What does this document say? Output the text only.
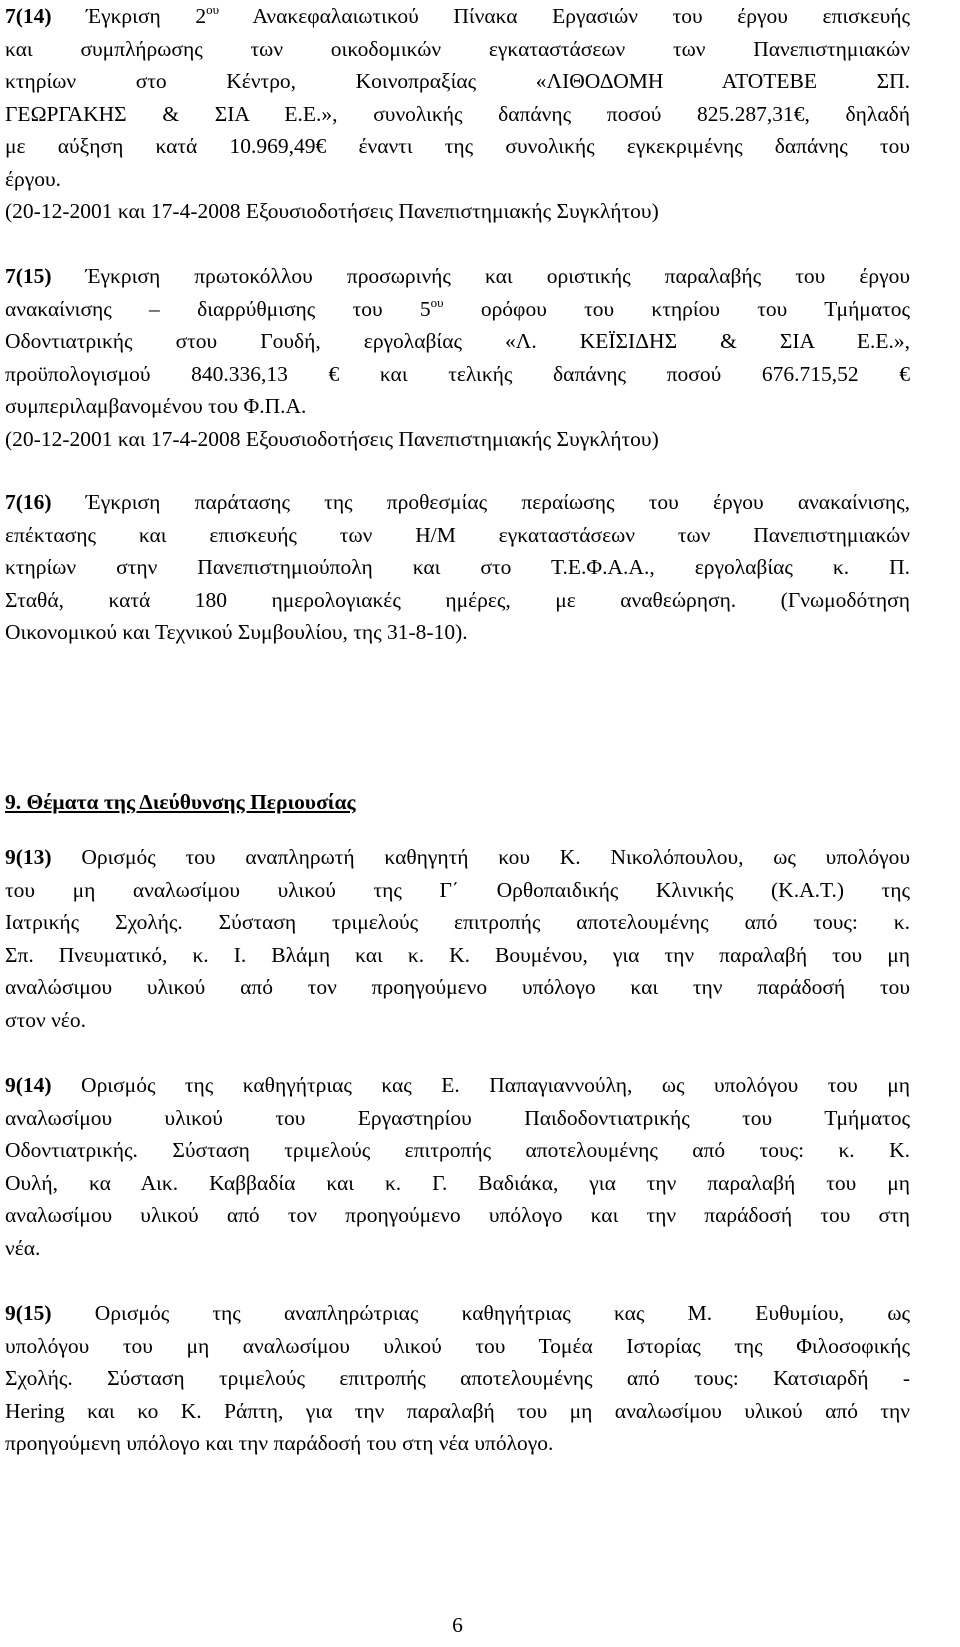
7(14) Έγκριση $2^{o\upsilon}$ Ανακεφαλαιωτικού Πίνακα Εργασιών του έργου επισκευής

και συμπλήρωσης των οικοδομικών εγκαταστάσεων των Πανεπιστημιακών

κτηρίων στο Κέντρο, Κοινοπραξίας «ΛΙΘΟΔΟΜΗ ΑΤΟΤΕΒΕ ΣΠ.

ΓΕΩΡΓΑΚΗΣ & ΣΙΑ Ε.Ε.», συνολικής δαπάνης ποσού 825.287,31€, δηλαδή

με αύξηση κατά 10.969,49€ έναντι της συνολικής εγκεκριμένης δαπάνης του

έργου.

(20-12-2001 και 17-4-2008 Εξουσιοδοτήσεις Πανεπιστημιακής Συγκλήτου)

7(15) Έγκριση πρωτοκόλλου προσωρινής και οριστικής παραλαβής του έργου

ανακαίνισης – διαρρύθμισης του $5^{o\upsilon}$ ορόφου του κτηρίου του Τμήματος

Οδοντιατρικής στου Γουδή, εργολαβίας «Λ. ΚΕΪΣΙΔΗΣ & ΣΙΑ Ε.Ε.»,

προϋπολογισμού 840.336,13 € και τελικής δαπάνης ποσού 676.715,52 €

συμπεριλαμβανομένου του Φ.Π.Α.

(20-12-2001 και 17-4-2008 Εξουσιοδοτήσεις Πανεπιστημιακής Συγκλήτου)

7(16) Έγκριση παράτασης της προθεσμίας περαίωσης του έργου ανακαίνισης,

επέκτασης και επισκευής των Η/Μ εγκαταστάσεων των Πανεπιστημιακών

κτηρίων στην Πανεπιστημιούπολη και στο Τ.Ε.Φ.Α.Α., εργολαβίας κ. Π.

Σταθά, κατά 180 ημερολογιακές ημέρες, με αναθεώρηση. (Γνωμοδότηση

Οικονομικού και Τεχνικού Συμβουλίου, της 31-8-10).

9. Θέματα της Διεύθυνσης Περιουσίας

9(13) Ορισμός του αναπληρωτή καθηγητή κου Κ. Νικολόπουλου, ως υπολόγου

του μη αναλωσίμου υλικού της Γ΄ Ορθοπαιδικής Κλινικής (Κ.Α.Τ.) της

Ιατρικής Σχολής. Σύσταση τριμελούς επιτροπής αποτελουμένης από τους: κ.

Σπ. Πνευματικό, κ. Ι. Βλάμη και κ. Κ. Βουμένου, για την παραλαβή του μη

αναλώσιμου υλικού από τον προηγούμενο υπόλογο και την παράδοσή του

στον νέο.

9(14) Ορισμός της καθηγήτριας κας Ε. Παπαγιαννούλη, ως υπολόγου του μη

αναλωσίμου υλικού του Εργαστηρίου Παιδοδοντιατρικής του Τμήματος

Οδοντιατρικής. Σύσταση τριμελούς επιτροπής αποτελουμένης από τους: κ. Κ.

Ουλή, κα Αικ. Καββαδία και κ. Γ. Βαδιάκα, για την παραλαβή του μη

αναλωσίμου υλικού από τον προηγούμενο υπόλογο και την παράδοσή του στη

νέα.

9(15) Ορισμός της αναπληρώτριας καθηγήτριας κας Μ. Ευθυμίου, ως

υπολόγου του μη αναλωσίμου υλικού του Τομέα Ιστορίας της Φιλοσοφικής

Σχολής. Σύσταση τριμελούς επιτροπής αποτελουμένης από τους: Κατσιαρδή -

Hering και κο Κ. Ράπτη, για την παραλαβή του μη αναλωσίμου υλικού από την

προηγούμενη υπόλογο και την παράδοσή του στη νέα υπόλογο.

6
